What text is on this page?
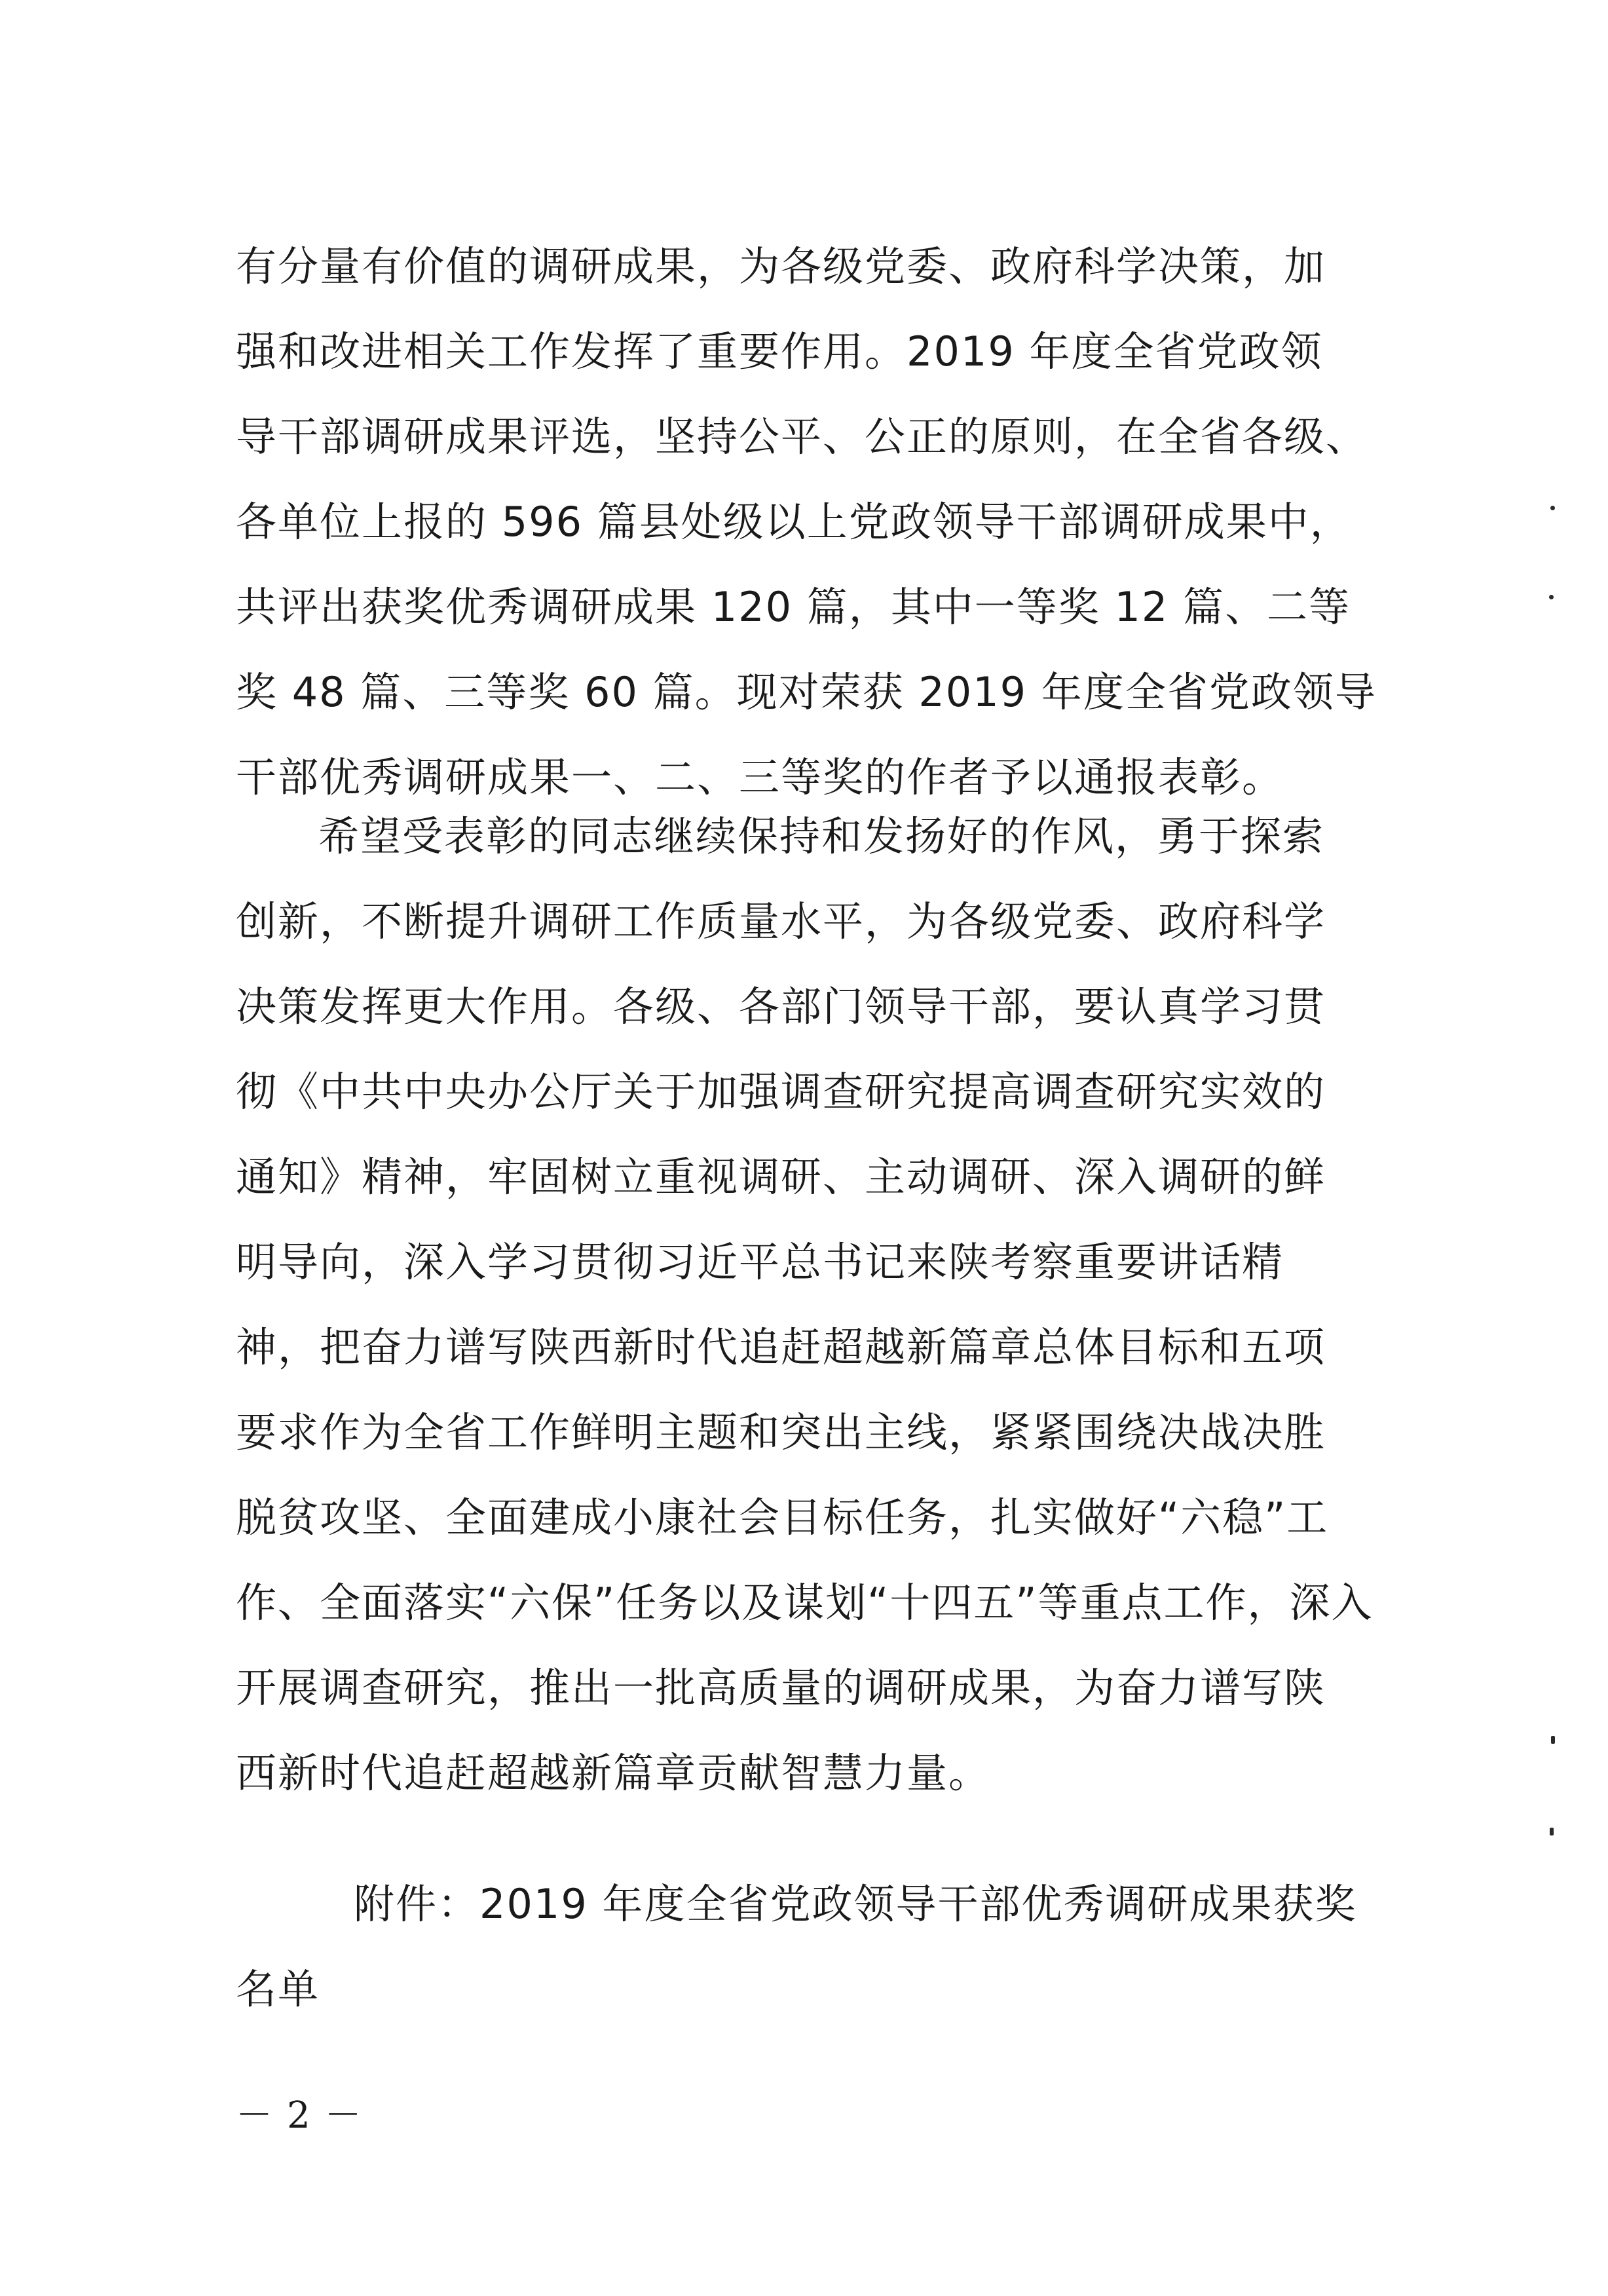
有分量有价值的调研成果，为各级党委、政府科学决策，加
强和改进相关工作发挥了重要作用。2019 年度全省党政领
导干部调研成果评选，坚持公平、公正的原则，在全省各级、
各单位上报的 596 篇县处级以上党政领导干部调研成果中，
共评出获奖优秀调研成果 120 篇，其中一等奖 12 篇、二等
奖 48 篇、三等奖 60 篇。现对荣获 2019 年度全省党政领导
干部优秀调研成果一、二、三等奖的作者予以通报表彰。
希望受表彰的同志继续保持和发扬好的作风，勇于探索
创新，不断提升调研工作质量水平，为各级党委、政府科学
决策发挥更大作用。各级、各部门领导干部，要认真学习贯
彻《中共中央办公厅关于加强调查研究提高调查研究实效的
通知》精神，牢固树立重视调研、主动调研、深入调研的鲜
明导向，深入学习贯彻习近平总书记来陕考察重要讲话精
神，把奋力谱写陕西新时代追赶超越新篇章总体目标和五项
要求作为全省工作鲜明主题和突出主线，紧紧围绕决战决胜
脱贫攻坚、全面建成小康社会目标任务，扎实做好“六稳”工
作、全面落实“六保”任务以及谋划“十四五”等重点工作，深入
开展调查研究，推出一批高质量的调研成果，为奋力谱写陕
西新时代追赶超越新篇章贡献智慧力量。
附件：2019 年度全省党政领导干部优秀调研成果获奖
名单
－2－
